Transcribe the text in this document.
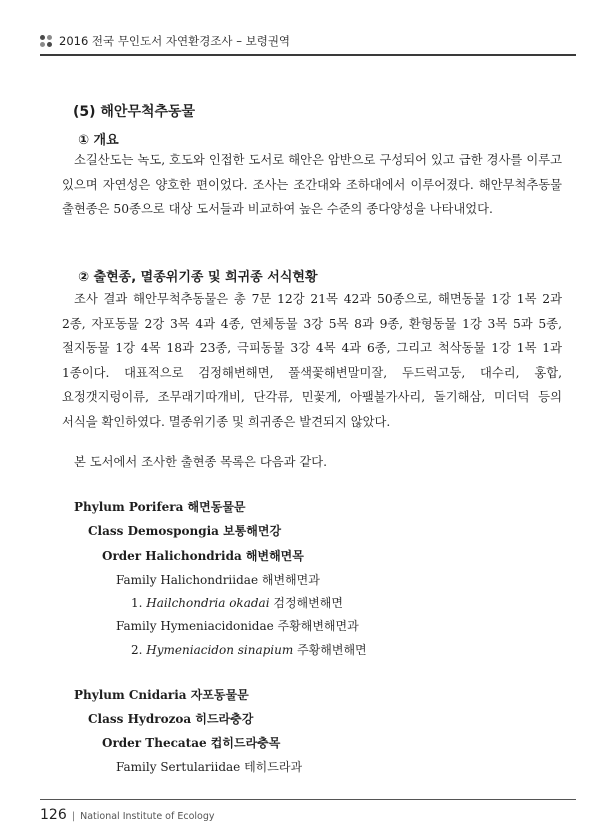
2016 전국 무인도서 자연환경조사 – 보령권역
(5) 해안무척추동물
① 개요

소길산도는 녹도, 호도와 인접한 도서로 해안은 암반으로 구성되어 있고 급한 경사를 이루고 있으며 자연성은 양호한 편이었다. 조사는 조간대와 조하대에서 이루어졌다. 해안무척추동물 출현종은 50종으로 대상 도서들과 비교하여 높은 수준의 종다양성을 나타내었다.

② 출현종, 멸종위기종 및 희귀종 서식현황

조사 결과 해안무척추동물은 총 7문 12강 21목 42과 50종으로, 해면동물 1강 1목 2과 2종, 자포동물 2강 3목 4과 4종, 연체동물 3강 5목 8과 9종, 환형동물 1강 3목 5과 5종, 절지동물 1강 4목 18과 23종, 극피동물 3강 4목 4과 6종, 그리고 척삭동물 1강 1목 1과 1종이다. 대표적으로 검정해변해면, 풀색꽃해변말미잘, 두드럭고둥, 대수리, 홍합, 요정갯지렁이류, 조무래기따개비, 단각류, 민꽃게, 아팰불가사리, 돌기해삼, 미더덕 등의 서식을 확인하였다. 멸종위기종 및 희귀종은 발견되지 않았다.

본 도서에서 조사한 출현종 목록은 다음과 같다.

Phylum Porifera 해면동물문
Class Demospongia 보통해면강
Order Halichondrida 해변해면목
Family Halichondriidae 해변해면과
1. Hailchondria okadai 검정해변해면
Family Hymeniacidonidae 주황해변해면과
2. Hymeniacidon sinapium 주황해변해면
Phylum Cnidaria 자포동물문
Class Hydrozoa 히드라충강
Order Thecatae 컵히드라충목
Family Sertulariidae 테히드라과
126 | National Institute of Ecology
